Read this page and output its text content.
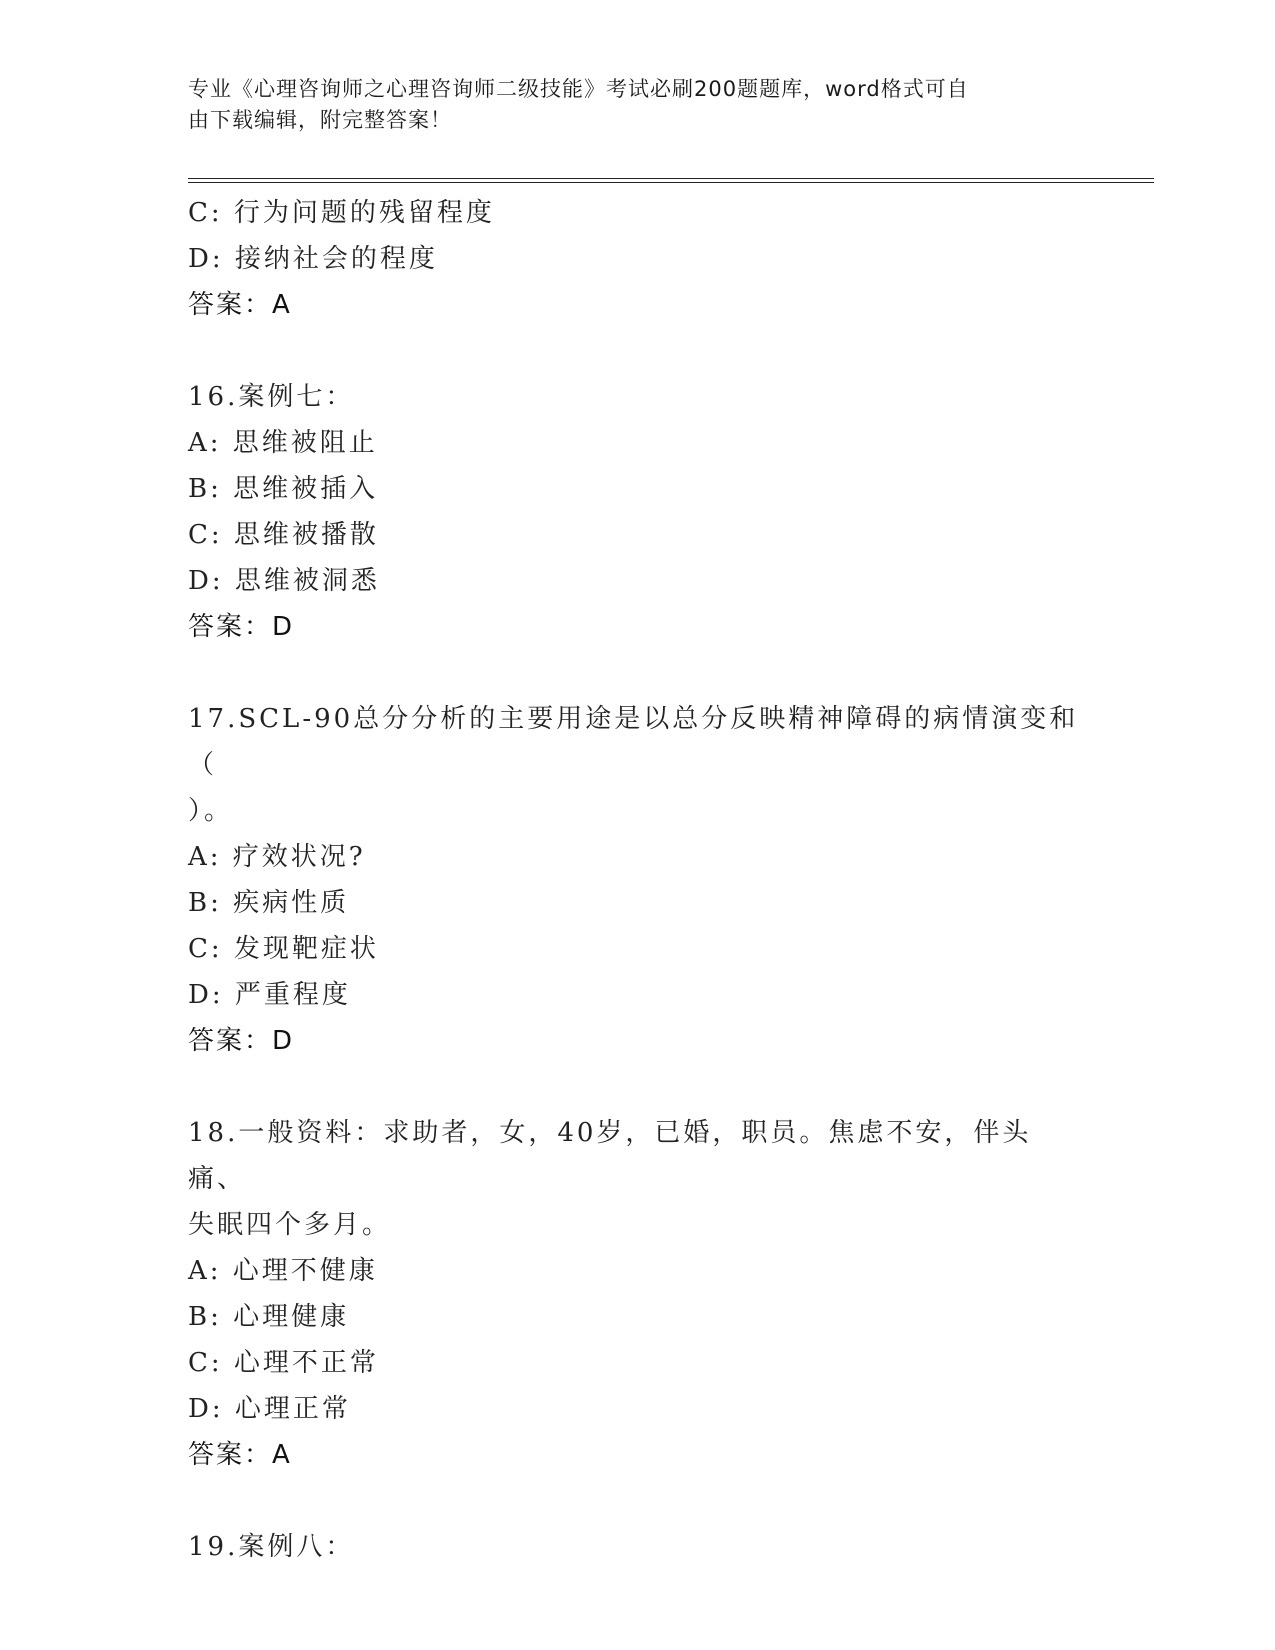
专业《心理咨询师之心理咨询师二级技能》考试必刷200题题库，word格式可自
由下载编辑，附完整答案！
C: 行为问题的残留程度
D: 接纳社会的程度
答案：A
16.案例七：
A: 思维被阻止
B: 思维被插入
C: 思维被播散
D: 思维被洞悉
答案：D
17.SCL-90总分分析的主要用途是以总分反映精神障碍的病情演变和（
）。
A: 疗效状况?
B: 疾病性质
C: 发现靶症状
D: 严重程度
答案：D
18.一般资料：求助者，女，40岁，已婚，职员。焦虑不安，伴头痛、
失眠四个多月。
A: 心理不健康
B: 心理健康
C: 心理不正常
D: 心理正常
答案：A
19.案例八：
